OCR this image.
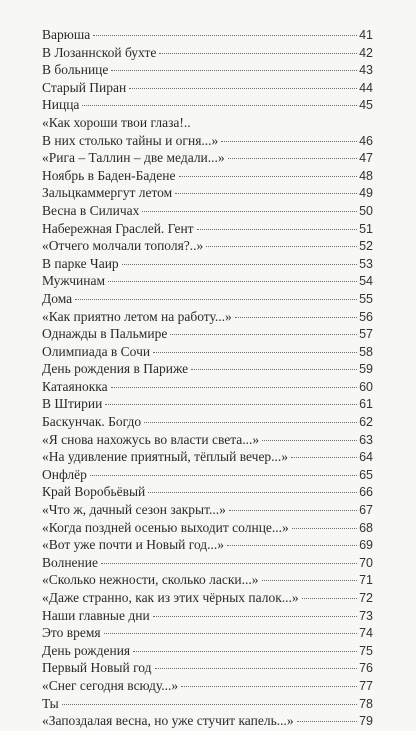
Варюша	41
В Лозаннской бухте	42
В больнице	43
Старый Пиран	44
Ницца	45
«Как хороши твои глаза!..
В них столько тайны и огня...»	46
«Рига – Таллин – две медали...»	47
Ноябрь в Баден-Бадене	48
Зальцкаммергут летом	49
Весна в Силичах	50
Набережная Граслей. Гент	51
«Отчего молчали тополя?..»	52
В парке Чаир	53
Мужчинам	54
Дома	55
«Как приятно летом на работу...»	56
Однажды в Пальмире	57
Олимпиада в Сочи	58
День рождения в Париже	59
Катаянокка	60
В Штирии	61
Баскунчак. Богдо	62
«Я снова нахожусь во власти света...»	63
«На удивление приятный, тёплый вечер...»	64
Онфлёр	65
Край Воробьёвый	66
«Что ж, дачный сезон закрыт...»	67
«Когда поздней осенью выходит солнце...»	68
«Вот уже почти и Новый год...»	69
Волнение	70
«Сколько нежности, сколько ласки...»	71
«Даже странно, как из этих чёрных палок...»	72
Наши главные дни	73
Это время	74
День рождения	75
Первый Новый год	76
«Снег сегодня всюду...»	77
Ты	78
«Запоздалая весна, но уже стучит капель...»	79
